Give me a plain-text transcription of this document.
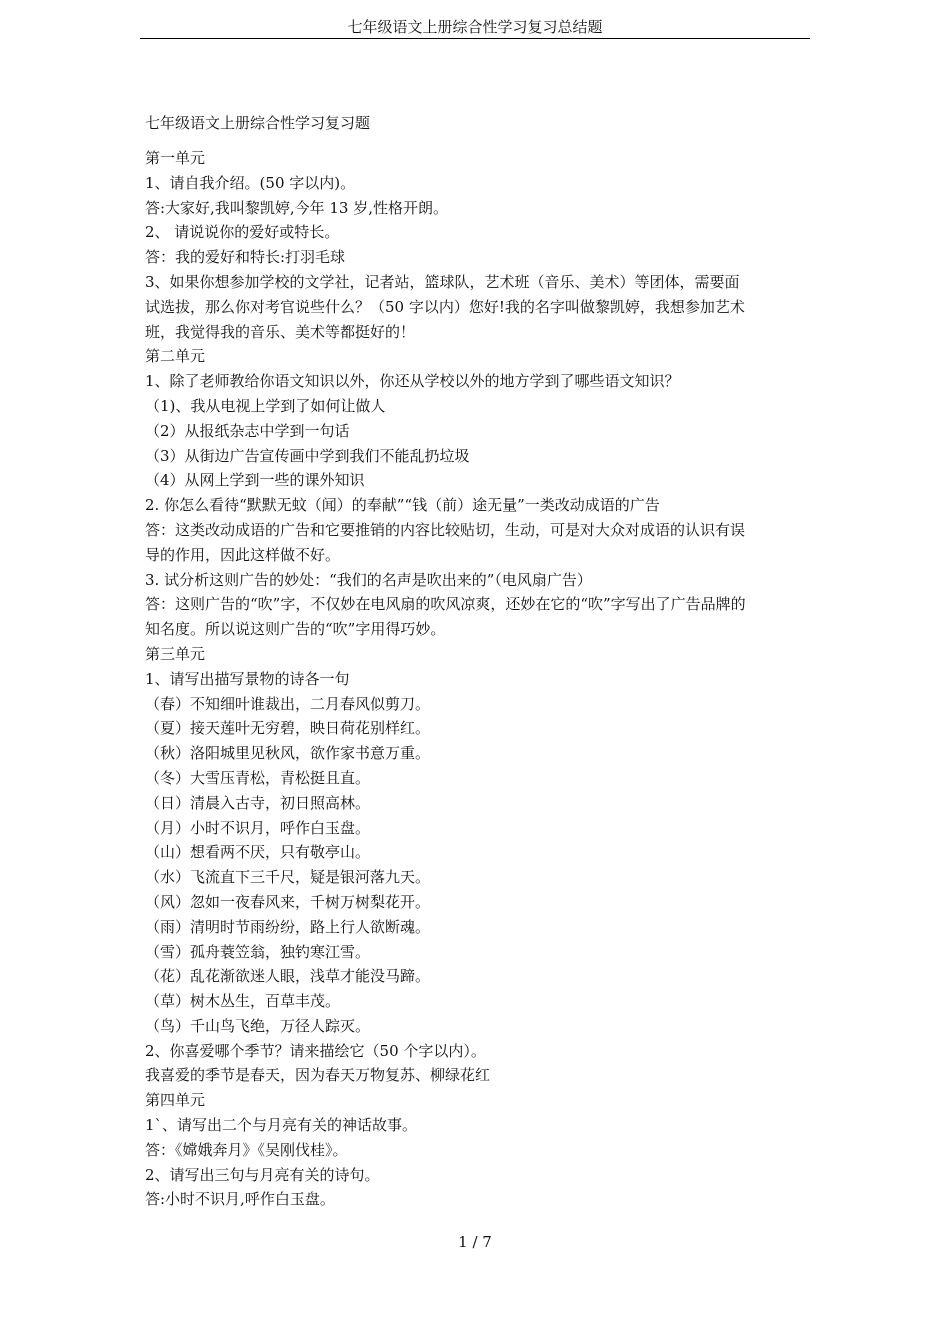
七年级语文上册综合性学习复习总结题
七年级语文上册综合性学习复习题
第一单元
1、请自我介绍。(50 字以内)。
答:大家好,我叫黎凯婷,今年 13 岁,性格开朗。
2、 请说说你的爱好或特长。
答：我的爱好和特长:打羽毛球
3、如果你想参加学校的文学社，记者站，篮球队，艺术班（音乐、美术）等团体，需要面
试选拔，那么你对考官说些什么？（50 字以内）您好!我的名字叫做黎凯婷，我想参加艺术
班，我觉得我的音乐、美术等都挺好的！
第二单元
1、除了老师教给你语文知识以外，你还从学校以外的地方学到了哪些语文知识？
（1)、我从电视上学到了如何让做人
（2）从报纸杂志中学到一句话
（3）从街边广告宣传画中学到我们不能乱扔垃圾
（4）从网上学到一些的课外知识
2. 你怎么看待“默默无蚊（闻）的奉献”“钱（前）途无量”一类改动成语的广告
答：这类改动成语的广告和它要推销的内容比较贴切，生动，可是对大众对成语的认识有误
导的作用，因此这样做不好。
3. 试分析这则广告的妙处：“我们的名声是吹出来的”（电风扇广告）
答：这则广告的“吹”字，不仅妙在电风扇的吹风凉爽，还妙在它的“吹”字写出了广告品牌的
知名度。所以说这则广告的“吹”字用得巧妙。
第三单元
1、请写出描写景物的诗各一句
（春）不知细叶谁裁出，二月春风似剪刀。
（夏）接天莲叶无穷碧，映日荷花别样红。
（秋）洛阳城里见秋风，欲作家书意万重。
（冬）大雪压青松，青松挺且直。
（日）清晨入古寺，初日照高林。
（月）小时不识月，呼作白玉盘。
（山）想看两不厌，只有敬亭山。
（水）飞流直下三千尺，疑是银河落九天。
（风）忽如一夜春风来，千树万树梨花开。
（雨）清明时节雨纷纷，路上行人欲断魂。
（雪）孤舟蓑笠翁，独钓寒江雪。
（花）乱花渐欲迷人眼，浅草才能没马蹄。
（草）树木丛生，百草丰茂。
（鸟）千山鸟飞绝，万径人踪灭。
2、你喜爱哪个季节？请来描绘它（50 个字以内）。
我喜爱的季节是春天，因为春天万物复苏、柳绿花红
第四单元
1`、请写出二个与月亮有关的神话故事。
答：《嫦娥奔月》《吴刚伐桂》。
2、请写出三句与月亮有关的诗句。
答:小时不识月,呼作白玉盘。
1 / 7
